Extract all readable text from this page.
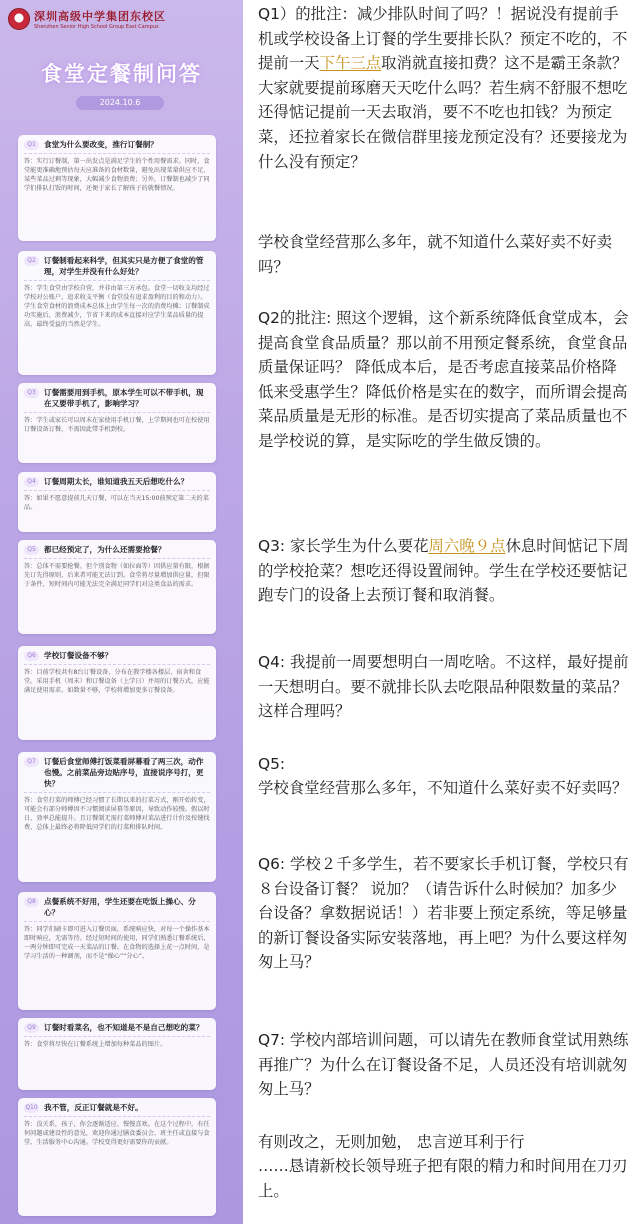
深圳高级中学集团东校区
Shenzhen Senior High School Group East Campus
食堂定餐制问答
2024.10.6
Q1	食堂为什么要改变，推行订餐制？
答：实行订餐制，第一出发点是满足学生的个性用餐需求。同时，食堂能更准确地预估每天应准备的食材数量，避免出现菜量供应不足、某些菜品过剩等现象，大幅减少食物浪费；另外，订餐制也减少了同学们排队打饭的时间，还便于家长了解孩子的就餐情况。
Q2	订餐制看起来科学，但其实只是方便了食堂的管理，对学生并没有什么好处？
答：学生食堂由学校自营，并非由第三方承包。食堂一切收支均经过学校对公账户，追求收支平衡（食堂没有追求盈利的目的和动力）。学生食堂食材的浪费成本总体上由学生每一次的消费均摊；订餐制成功实施后，浪费减少，节省下来的成本直接对应学生菜品质量的提高，最终受益的当然是学生。
Q3	订餐需要用到手机，原本学生可以不带手机，现在又要带手机了，影响学习？
答：学生或家长可以周末在家使用手机订餐，上学期间也可在校使用订餐设备订餐，不需因此带手机到校。
Q4	订餐周期太长，谁知道我五天后想吃什么？
答：如果不愿意提前几天订餐，可以在当天15:00前预定第二天的菜品。
Q5	都已经预定了，为什么还需要抢餐？
答：总体不需要抢餐。但个别食物（如拉面等）因供应量有限，根据先订先得原则，后来者可能无法订到。食堂将尽量增加供应量，但限于条件，短时间内可能无法完全满足同学们对这类食品的需求。
Q6	学校订餐设备不够？
答：目前学校共有8台订餐设备，分布在教学楼各楼层、宿舍和食堂。采用手机（周末）和订餐设备（上学日）并用的订餐方式，应能满足使用需求。如数量不够，学校将增加更多订餐设备。
Q7	订餐后食堂师傅打饭菜看屏幕看了两三次，动作也慢。之前菜品旁边贴序号，直接说序号打，更快？
答：食堂打菜的师傅已经习惯了长期以来的打菜方式，刚开始转变，可能会有部分师傅因不习惯阅读屏幕等原因，导致动作较慢。假以时日，效率总能提升。且订餐制无需打菜师傅对菜品进行计价及按键找费，总体上最终必将降低同学们的打菜和排队时间。
Q8	点餐系统不好用，学生还要在吃饭上操心、分心？
答：同学们刷卡即可进入订餐页面，系统响应快，对每一个操作基本即时响应，无需等待。经过短时间的使用，同学们熟悉订餐系统后，一两分钟即可完成一天菜品的订餐。在食物的选择上花一点时间，是学习生活的一种调剂，而不是“操心”“分心”。
Q9	订餐时看菜名，也不知道是不是自己想吃的菜？
答：食堂将尽快在订餐系统上增加每种菜品的图片。
Q10 我不管，反正订餐就是不好。
答：没关系，孩子，你会逐渐适应、慢慢喜欢。在这个过程中，有任何问题或建设性的意见，欢迎你通过膳食委员会、班主任或直接与食堂、生活服务中心沟通。学校变得更好需要你的贡献。

Q1）的批注：减少排队时间了吗？！据说没有提前手机或学校设备上订餐的学生要排长队？预定不吃的，不提前一天下午三点取消就直接扣费？这不是霸王条款？大家就要提前琢磨天天吃什么吗？若生病不舒服不想吃还得惦记提前一天去取消，要不不吃也扣钱？为预定菜，还拉着家长在微信群里接龙预定没有？还要接龙为什么没有预定？

学校食堂经营那么多年，就不知道什么菜好卖不好卖吗？

Q2的批注: 照这个逻辑，这个新系统降低食堂成本，会提高食堂食品质量？那以前不用预定餐系统，食堂食品质量保证吗？ 降低成本后，是否考虑直接菜品价格降低来受惠学生？降低价格是实在的数字，而所谓会提高菜品质量是无形的标准。是否切实提高了菜品质量也不是学校说的算，是实际吃的学生做反馈的。

Q3: 家长学生为什么要花周六晚９点休息时间惦记下周的学校抢菜？想吃还得设置闹钟。学生在学校还要惦记跑专门的设备上去预订餐和取消餐。

Q4: 我提前一周要想明白一周吃啥。不这样，最好提前一天想明白。要不就排长队去吃限品种限数量的菜品？这样合理吗？

Q5:

学校食堂经营那么多年，不知道什么菜好卖不好卖吗？

Q6: 学校２千多学生，若不要家长手机订餐，学校只有８台设备订餐？ 说加？（请告诉什么时候加？加多少台设备？拿数据说话！）若非要上预定系统，等足够量的新订餐设备实际安装落地，再上吧？为什么要这样匆匆上马？

Q7: 学校内部培训问题，可以请先在教师食堂试用熟练再推广？为什么在订餐设备不足，人员还没有培训就匆匆上马？

有则改之，无则加勉， 忠言逆耳利于行

……恳请新校长领导班子把有限的精力和时间用在刀刃上。
